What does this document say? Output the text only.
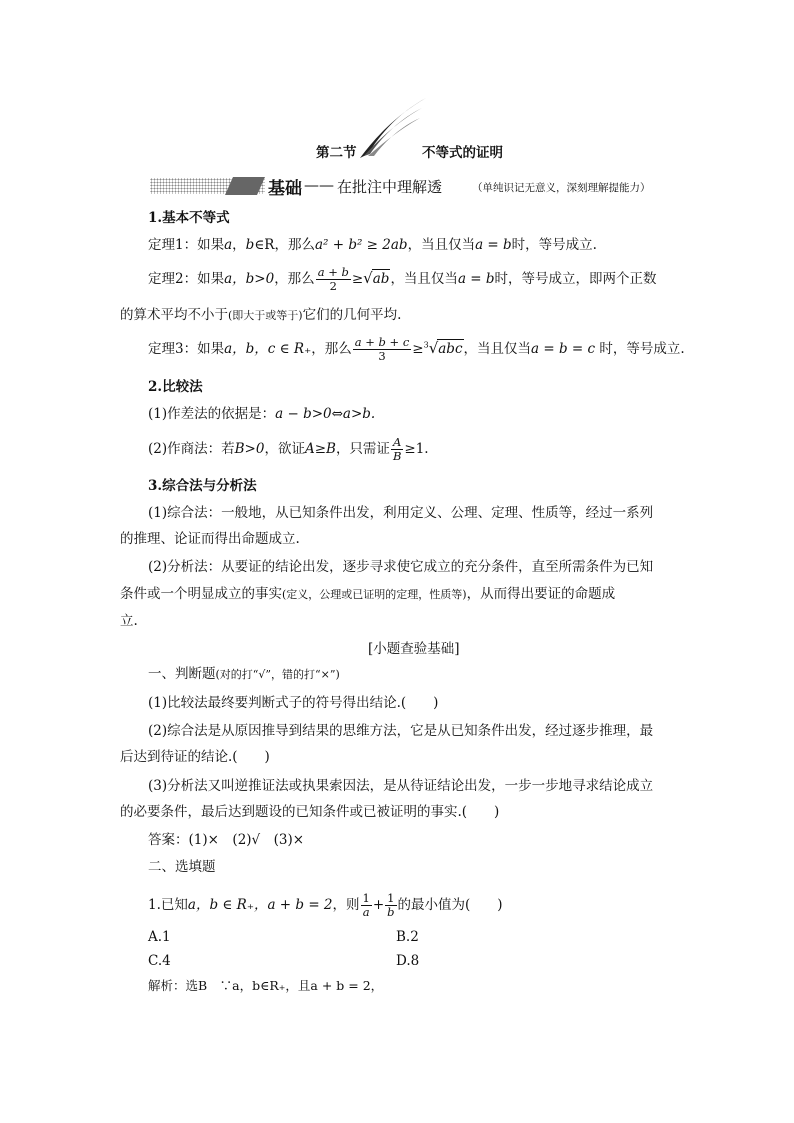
第二节	不等式的证明
基础 —— 在批注中理解透	（单纯识记无意义，深刻理解提能力）
1.基本不等式
定理1：如果a，b∈R，那么a² + b² ≥ 2ab，当且仅当a = b时，等号成立.
定理2：如果a，b>0，那么 $\frac{a + b}{2} \ge√ab$，当且仅当a = b时，等号成立，即两个正数
的算术平均不小于(即大于或等于)它们的几何平均.
定理3：如果a，b，c ∈ R₊，那么 $\frac{a + b + c}{3} \ge^3√abc$，当且仅当a = b = c 时，等号成立.
2.比较法
(1)作差法的依据是：a − b>0⇔a>b.
(2)作商法：若B>0，欲证A≥B，只需证 $\frac{A}{B} \ge 1$.
3.综合法与分析法
(1)综合法：一般地，从已知条件出发，利用定义、公理、定理、性质等，经过一系列
的推理、论证而得出命题成立.
(2)分析法：从要证的结论出发，逐步寻求使它成立的充分条件，直至所需条件为已知
条件或一个明显成立的事实(定义，公理或已证明的定理，性质等)，从而得出要证的命题成
立.
[小题查验基础]
一、判断题(对的打“√”，错的打“×”)
(1)比较法最终要判断式子的符号得出结论.(　　)
(2)综合法是从原因推导到结果的思维方法，它是从已知条件出发，经过逐步推理，最
后达到待证的结论.(　　)
(3)分析法又叫逆推证法或执果索因法，是从待证结论出发，一步一步地寻求结论成立
的必要条件，最后达到题设的已知条件或已被证明的事实.(　　)
答案：(1)×　(2)√　(3)×
二、选填题
1.已知a，b ∈ R₊，a + b = 2，则 $\frac{1}{a} + \frac{1}{b}$ 的最小值为(　　)
A.1	B.2
C.4	D.8
解析：选B　∵a，b∈R₊，且a + b = 2，
